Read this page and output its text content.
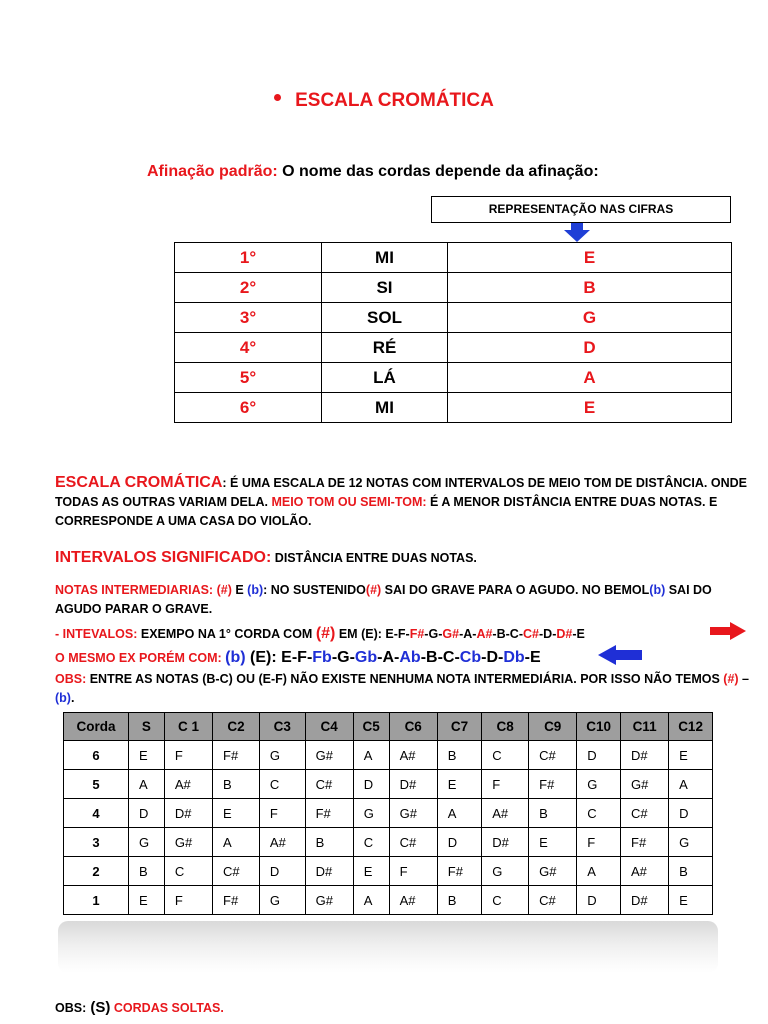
ESCALA CROMÁTICA
Afinação padrão: O nome das cordas depende da afinação:
REPRESENTAÇÃO NAS CIFRAS
1°	MI	E
2°	SI	B
3°	SOL	G
4°	RÉ	D
5°	LÁ	A
6°	MI	E
ESCALA CROMÁTICA: É UMA ESCALA DE 12 NOTAS COM INTERVALOS DE MEIO TOM DE DISTÂNCIA. ONDE TODAS AS OUTRAS VARIAM DELA. MEIO TOM OU SEMI-TOM: É A MENOR DISTÂNCIA ENTRE DUAS NOTAS. E CORRESPONDE A UMA CASA DO VIOLÃO.
INTERVALOS SIGNIFICADO: DISTÂNCIA ENTRE DUAS NOTAS.
NOTAS INTERMEDIARIAS: (#) E (b): NO SUSTENIDO(#) SAI DO GRAVE PARA O AGUDO. NO BEMOL(b) SAI DO AGUDO PARAR O GRAVE.
- INTEVALOS: EXEMPO NA 1° CORDA COM (#) EM (E): E-F-F#-G-G#-A-A#-B-C-C#-D-D#-E
O MESMO EX PORÉM COM: (b) (E): E-F-Fb-G-Gb-A-Ab-B-C-Cb-D-Db-E
OBS: ENTRE AS NOTAS (B-C) OU (E-F) NÃO EXISTE NENHUMA NOTA INTERMEDIÁRIA. POR ISSO NÃO TEMOS (#) – (b).
Corda	S	C 1	C2	C3	C4	C5	C6	C7	C8	C9	C10	C11	C12
6	E	F	F#	G	G#	A	A#	B	C	C#	D	D#	E
5	A	A#	B	C	C#	D	D#	E	F	F#	G	G#	A
4	D	D#	E	F	F#	G	G#	A	A#	B	C	C#	D
3	G	G#	A	A#	B	C	C#	D	D#	E	F	F#	G
2	B	C	C#	D	D#	E	F	F#	G	G#	A	A#	B
1	E	F	F#	G	G#	A	A#	B	C	C#	D	D#	E
OBS: (S) CORDAS SOLTAS.
